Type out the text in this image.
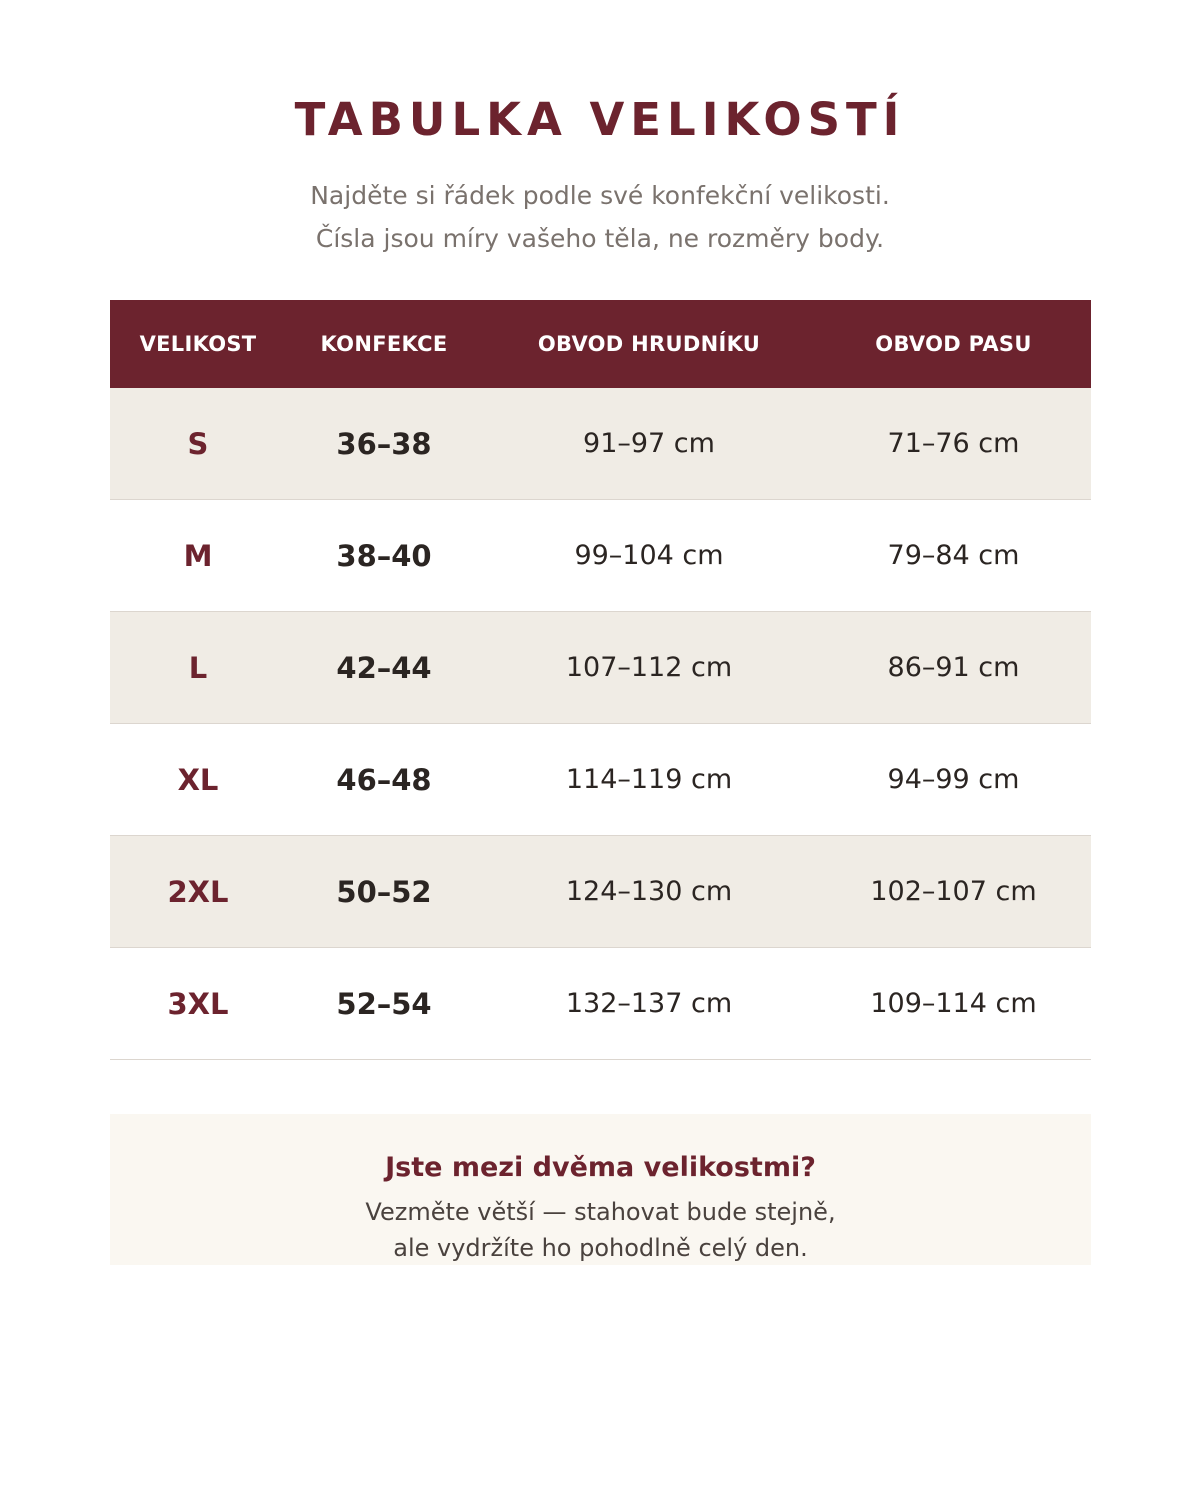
TABULKA VELIKOSTÍ
Najděte si řádek podle své konfekční velikosti.
Čísla jsou míry vašeho těla, ne rozměry body.
VELIKOST	KONFEKCE	OBVOD HRUDNÍKU	OBVOD PASU
S	36–38	91–97 cm	71–76 cm
M	38–40	99–104 cm	79–84 cm
L	42–44	107–112 cm	86–91 cm
XL	46–48	114–119 cm	94–99 cm
2XL	50–52	124–130 cm	102–107 cm
3XL	52–54	132–137 cm	109–114 cm
Jste mezi dvěma velikostmi?
Vezměte větší — stahovat bude stejně,
ale vydržíte ho pohodlně celý den.
